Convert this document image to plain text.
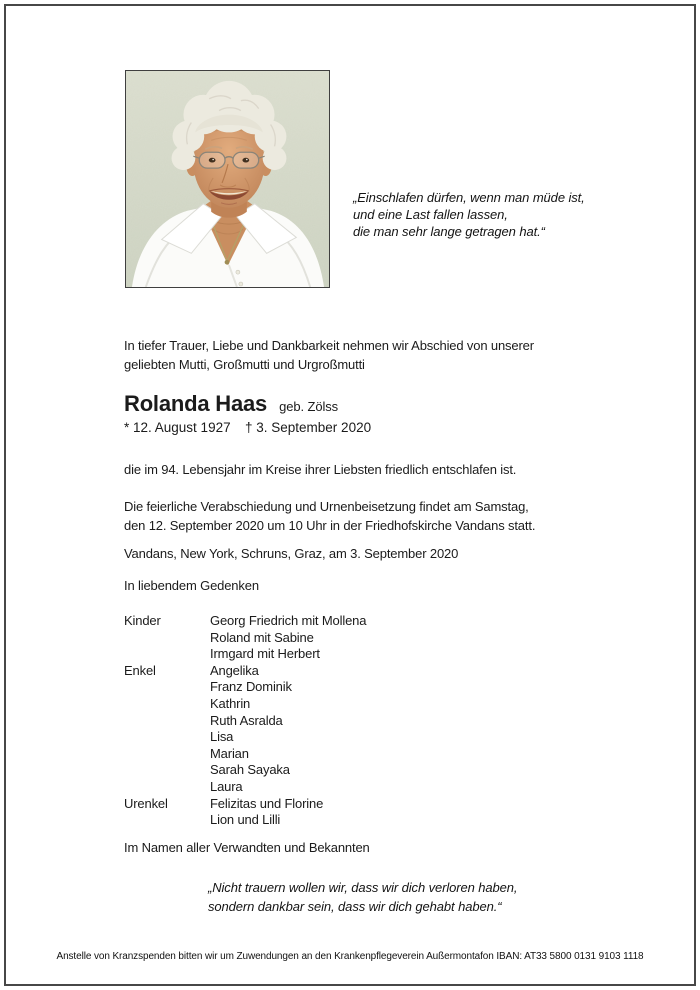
„Einschlafen dürfen, wenn man müde ist,
und eine Last fallen lassen,
die man sehr lange getragen hat.“
In tiefer Trauer, Liebe und Dankbarkeit nehmen wir Abschied von unserer
geliebten Mutti, Großmutti und Urgroßmutti
Rolanda Haas geb. Zölss
* 12. August 1927 † 3. September 2020
die im 94. Lebensjahr im Kreise ihrer Liebsten friedlich entschlafen ist.
Die feierliche Verabschiedung und Urnenbeisetzung findet am Samstag,
den 12. September 2020 um 10 Uhr in der Friedhofskirche Vandans statt.
Vandans, New York, Schruns, Graz, am 3. September 2020
In liebendem Gedenken
Kinder	Georg Friedrich mit Mollena
Roland mit Sabine
Irmgard mit Herbert
Enkel	Angelika
Franz Dominik
Kathrin
Ruth Asralda
Lisa
Marian
Sarah Sayaka
Laura
Urenkel	Felizitas und Florine
Lion und Lilli
Im Namen aller Verwandten und Bekannten
„Nicht trauern wollen wir, dass wir dich verloren haben,
sondern dankbar sein, dass wir dich gehabt haben.“
Anstelle von Kranzspenden bitten wir um Zuwendungen an den Krankenpflegeverein Außermontafon IBAN: AT33 5800 0131 9103 1118
